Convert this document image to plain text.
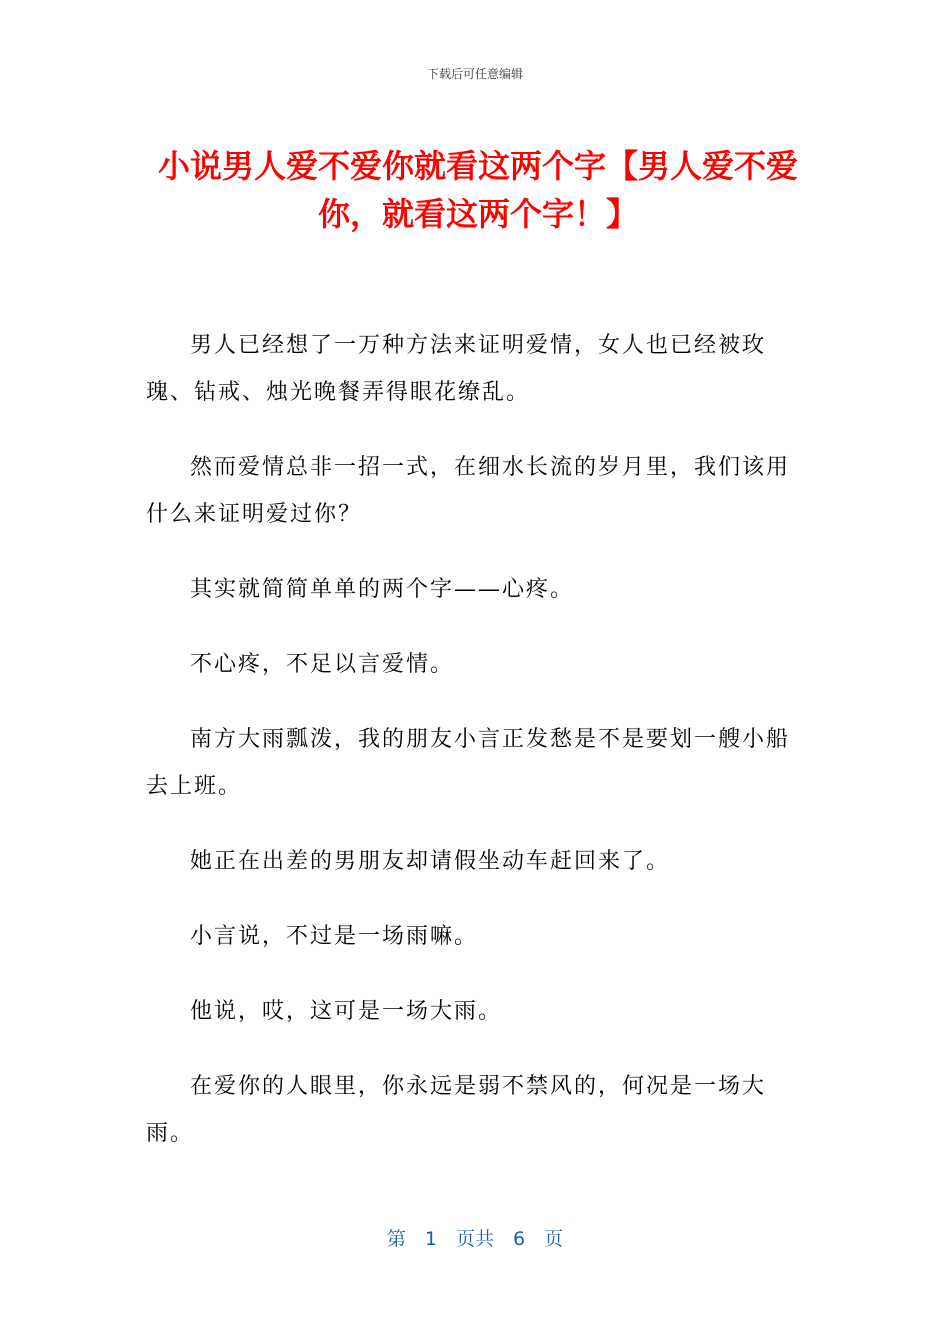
下载后可任意编辑
小说男人爱不爱你就看这两个字【男人爱不爱你，就看这两个字！】

男人已经想了一万种方法来证明爱情，女人也已经被玫瑰、钻戒、烛光晚餐弄得眼花缭乱。

然而爱情总非一招一式，在细水长流的岁月里，我们该用什么来证明爱过你？

其实就简简单单的两个字——心疼。

不心疼，不足以言爱情。

南方大雨瓢泼，我的朋友小言正发愁是不是要划一艘小船去上班。

她正在出差的男朋友却请假坐动车赶回来了。

小言说，不过是一场雨嘛。

他说，哎，这可是一场大雨。

在爱你的人眼里，你永远是弱不禁风的，何况是一场大雨。

第　1　页共　6　页
